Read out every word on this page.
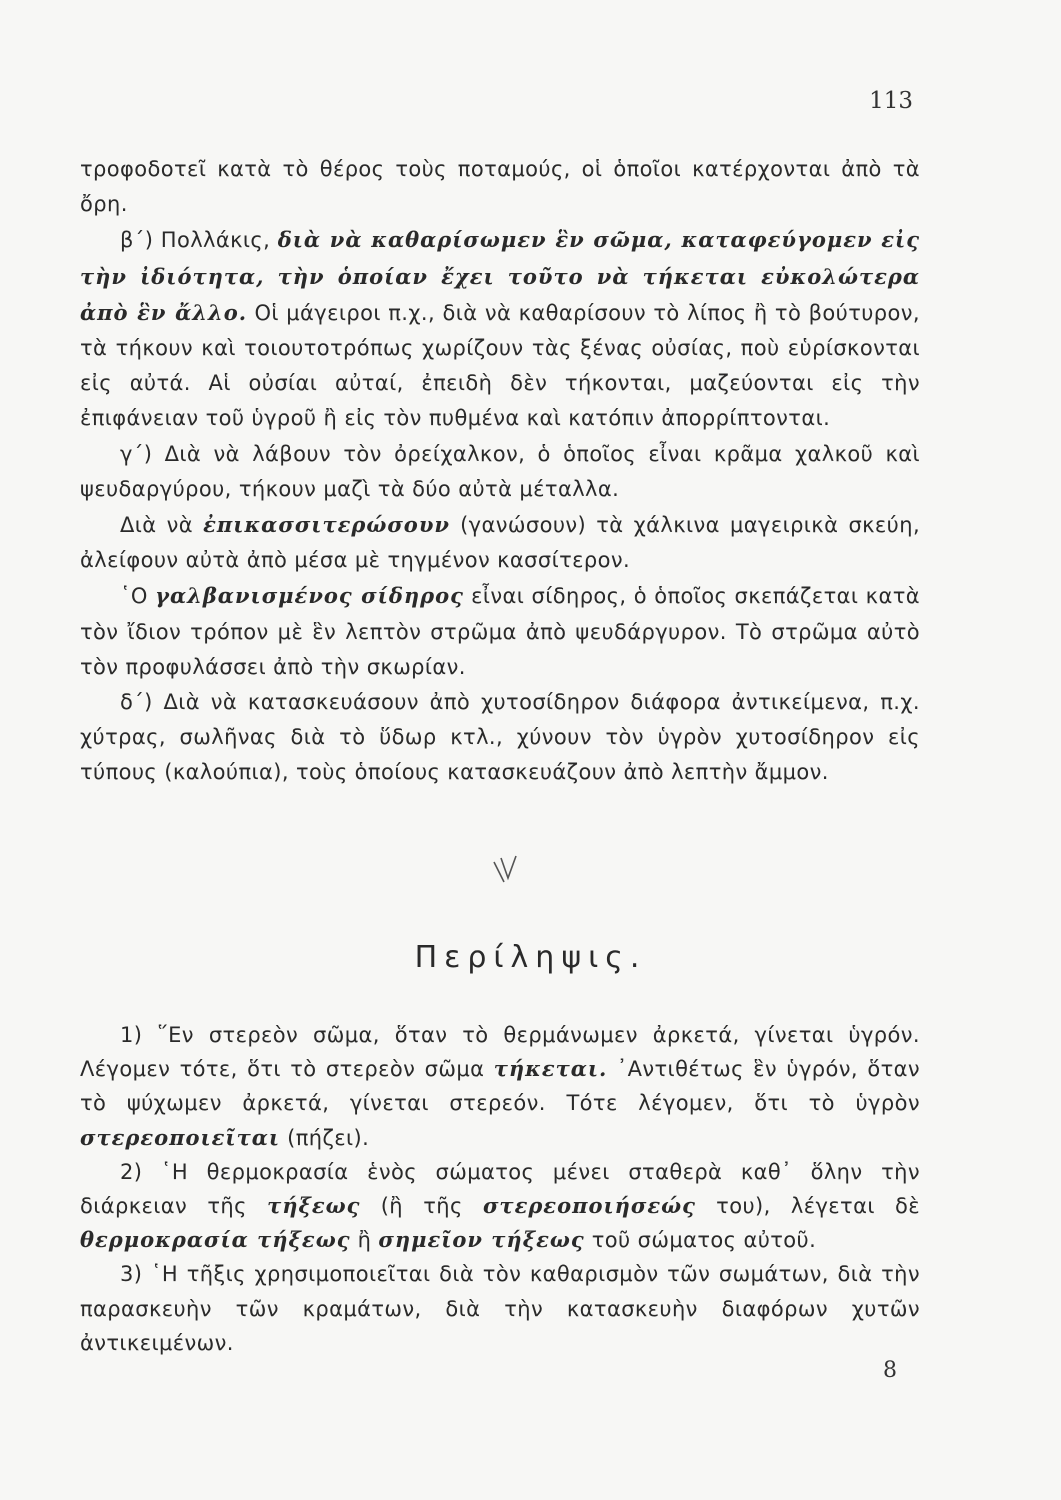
113

τροφοδοτεῖ κατὰ τὸ θέρος τοὺς ποταμούς, οἱ ὁποῖοι κατέρχονται ἀπὸ τὰ ὄρη.

β΄) Πολλάκις, διὰ νὰ καθαρίσωμεν ἓν σῶμα, καταφεύγομεν εἰς τὴν ἰδιότητα, τὴν ὁποίαν ἔχει τοῦτο νὰ τήκεται εὐκολώτερα ἀπὸ ἓν ἄλλο. Οἱ μάγειροι π.χ., διὰ νὰ καθαρίσουν τὸ λίπος ἢ τὸ βούτυρον, τὰ τήκουν καὶ τοιουτοτρόπως χωρίζουν τὰς ξένας οὐσίας, ποὺ εὑρίσκονται εἰς αὐτά. Αἱ οὐσίαι αὐταί, ἐπειδὴ δὲν τήκονται, μαζεύονται εἰς τὴν ἐπιφάνειαν τοῦ ὑγροῦ ἢ εἰς τὸν πυθμένα καὶ κατόπιν ἀπορρίπτονται.

γ΄) Διὰ νὰ λάβουν τὸν ὀρείχαλκον, ὁ ὁποῖος εἶναι κρᾶμα χαλκοῦ καὶ ψευδαργύρου, τήκουν μαζὶ τὰ δύο αὐτὰ μέταλλα.

Διὰ νὰ ἐπικασσιτερώσουν (γανώσουν) τὰ χάλκινα μαγειρικὰ σκεύη, ἀλείφουν αὐτὰ ἀπὸ μέσα μὲ τηγμένον κασσίτερον.

῾Ο γαλβανισμένος σίδηρος εἶναι σίδηρος, ὁ ὁποῖος σκεπάζεται κατὰ τὸν ἴδιον τρόπον μὲ ἓν λεπτὸν στρῶμα ἀπὸ ψευδάργυρον. Τὸ στρῶμα αὐτὸ τὸν προφυλάσσει ἀπὸ τὴν σκωρίαν.

δ΄) Διὰ νὰ κατασκευάσουν ἀπὸ χυτοσίδηρον διάφορα ἀντικείμενα, π.χ. χύτρας, σωλῆνας διὰ τὸ ὕδωρ κτλ., χύνουν τὸν ὑγρὸν χυτοσίδηρον εἰς τύπους (καλούπια), τοὺς ὁποίους κατασκευάζουν ἀπὸ λεπτὴν ἄμμον.

Περίληψις.

1) ῞Εν στερεὸν σῶμα, ὅταν τὸ θερμάνωμεν ἀρκετά, γίνεται ὑγρόν. Λέγομεν τότε, ὅτι τὸ στερεὸν σῶμα τήκεται. ᾿Αντιθέτως ἓν ὑγρόν, ὅταν τὸ ψύχωμεν ἀρκετά, γίνεται στερεόν. Τότε λέγομεν, ὅτι τὸ ὑγρὸν στερεοποιεῖται (πήζει).

2) ῾Η θερμοκρασία ἑνὸς σώματος μένει σταθερὰ καθ᾿ ὅλην τὴν διάρκειαν τῆς τήξεως (ἢ τῆς στερεοποιήσεώς του), λέγεται δὲ θερμοκρασία τήξεως ἢ σημεῖον τήξεως τοῦ σώματος αὐτοῦ.

3) ῾Η τῆξις χρησιμοποιεῖται διὰ τὸν καθαρισμὸν τῶν σωμάτων, διὰ τὴν παρασκευὴν τῶν κραμάτων, διὰ τὴν κατασκευὴν διαφόρων χυτῶν ἀντικειμένων.

8
